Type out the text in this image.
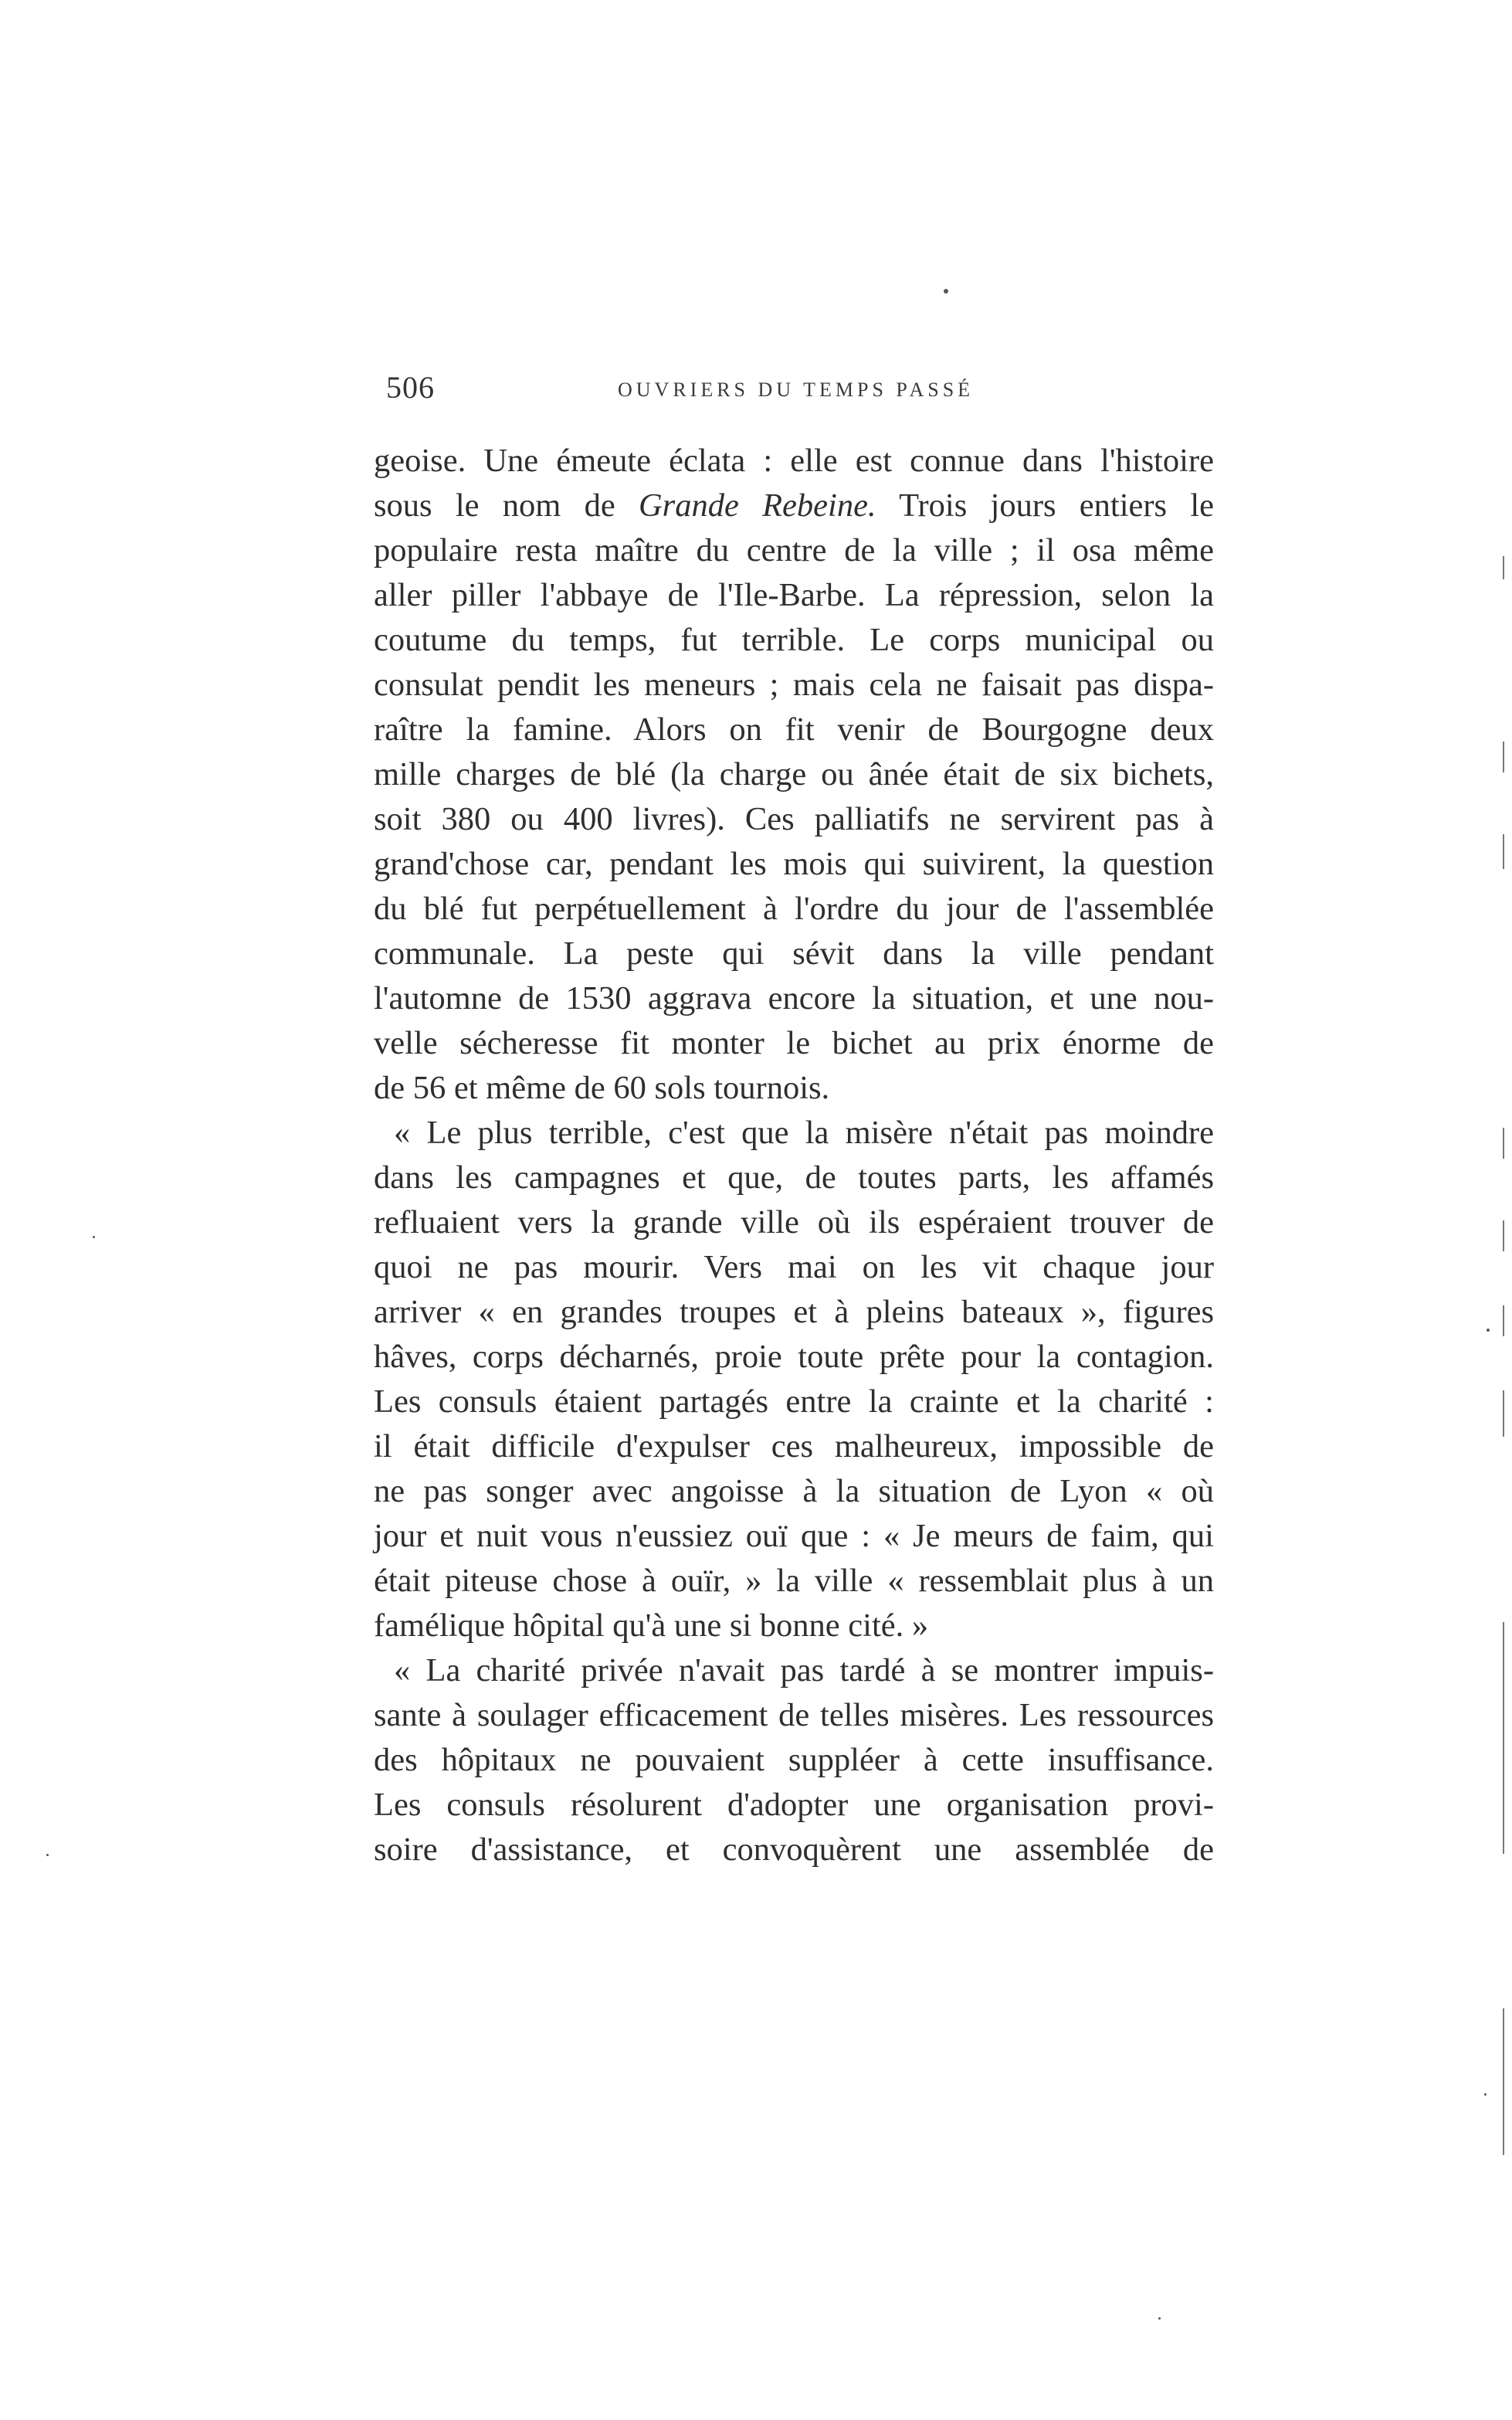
506	OUVRIERS DU TEMPS PASSÉ
geoise. Une émeute éclata : elle est connue dans l'histoire
sous le nom de Grande Rebeine. Trois jours entiers le
populaire resta maître du centre de la ville ; il osa même
aller piller l'abbaye de l'Ile-Barbe. La répression, selon la
coutume du temps, fut terrible. Le corps municipal ou
consulat pendit les meneurs ; mais cela ne faisait pas dispa-
raître la famine. Alors on fit venir de Bourgogne deux
mille charges de blé (la charge ou ânée était de six bichets,
soit 380 ou 400 livres). Ces palliatifs ne servirent pas à
grand'chose car, pendant les mois qui suivirent, la question
du blé fut perpétuellement à l'ordre du jour de l'assemblée
communale. La peste qui sévit dans la ville pendant
l'automne de 1530 aggrava encore la situation, et une nou-
velle sécheresse fit monter le bichet au prix énorme de
de 56 et même de 60 sols tournois.
« Le plus terrible, c'est que la misère n'était pas moindre
dans les campagnes et que, de toutes parts, les affamés
refluaient vers la grande ville où ils espéraient trouver de
quoi ne pas mourir. Vers mai on les vit chaque jour
arriver « en grandes troupes et à pleins bateaux », figures
hâves, corps décharnés, proie toute prête pour la contagion.
Les consuls étaient partagés entre la crainte et la charité :
il était difficile d'expulser ces malheureux, impossible de
ne pas songer avec angoisse à la situation de Lyon « où
jour et nuit vous n'eussiez ouï que : « Je meurs de faim, qui
était piteuse chose à ouïr, » la ville « ressemblait plus à un
famélique hôpital qu'à une si bonne cité. »
« La charité privée n'avait pas tardé à se montrer impuis-
sante à soulager efficacement de telles misères. Les ressources
des hôpitaux ne pouvaient suppléer à cette insuffisance.
Les consuls résolurent d'adopter une organisation provi-
soire d'assistance, et convoquèrent une assemblée de
